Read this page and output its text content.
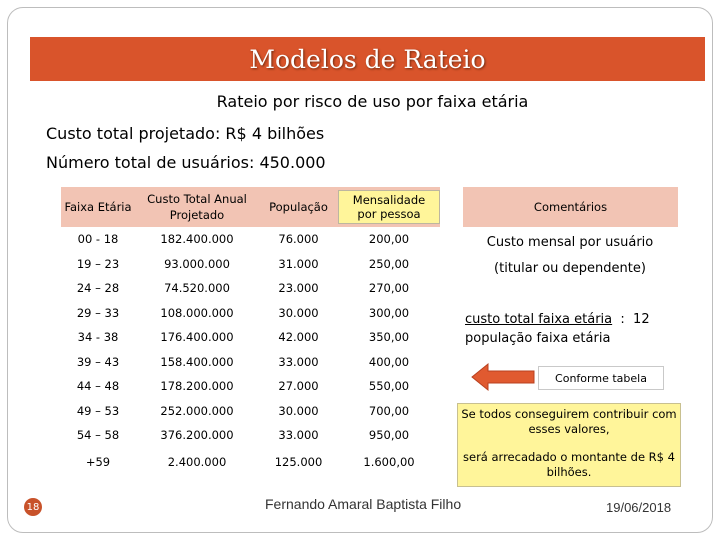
Modelos de Rateio
Rateio por risco de uso por faixa etária
Custo total projetado: R$ 4 bilhões
Número total de usuários: 450.000
Faixa Etária	Custo Total Anual Projetado	População	Mensalidade por pessoa
00 - 18	182.400.000	76.000	200,00
19 – 23	93.000.000	31.000	250,00
24 – 28	74.520.000	23.000	270,00
29 – 33	108.000.000	30.000	300,00
34 - 38	176.400.000	42.000	350,00
39 – 43	158.400.000	33.000	400,00
44 – 48	178.200.000	27.000	550,00
49 – 53	252.000.000	30.000	700,00
54 – 58	376.200.000	33.000	950,00
+59	2.400.000	125.000	1.600,00
Comentários
Custo mensal por usuário
(titular ou dependente)
custo total faixa etária  :  12
população faixa etária
Conforme tabela
Se todos conseguirem contribuir com esses valores,
será arrecadado o montante de R$ 4 bilhões.
18	Fernando Amaral Baptista Filho	19/06/2018
